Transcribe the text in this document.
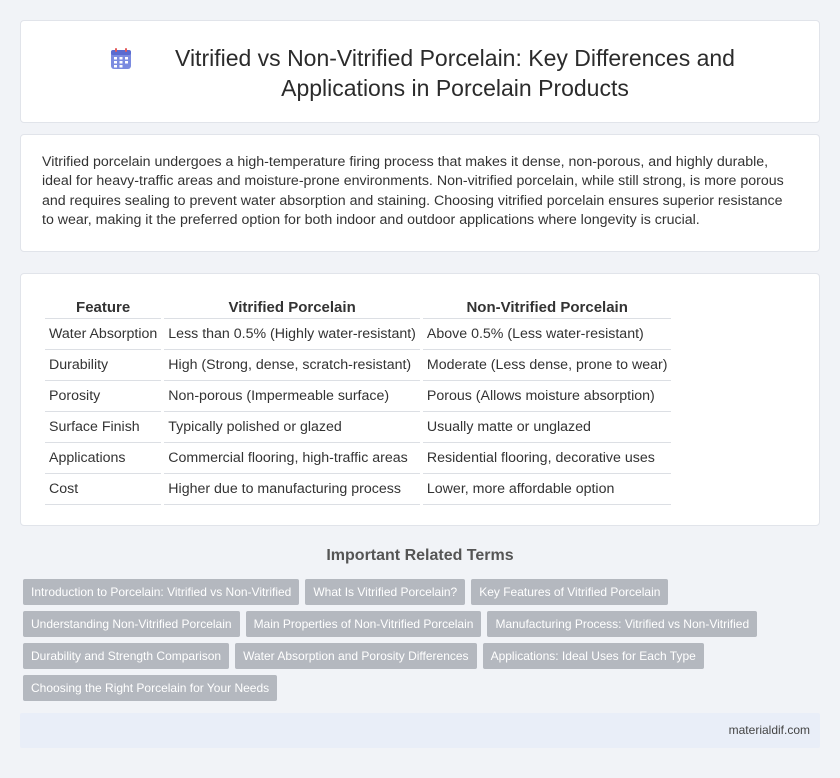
Vitrified vs Non-Vitrified Porcelain: Key Differences and Applications in Porcelain Products

Vitrified porcelain undergoes a high-temperature firing process that makes it dense, non-porous, and highly durable, ideal for heavy-traffic areas and moisture-prone environments. Non-vitrified porcelain, while still strong, is more porous and requires sealing to prevent water absorption and staining. Choosing vitrified porcelain ensures superior resistance to wear, making it the preferred option for both indoor and outdoor applications where longevity is crucial.

Feature	Vitrified Porcelain	Non-Vitrified Porcelain
Water Absorption	Less than 0.5% (Highly water-resistant)	Above 0.5% (Less water-resistant)
Durability	High (Strong, dense, scratch-resistant)	Moderate (Less dense, prone to wear)
Porosity	Non-porous (Impermeable surface)	Porous (Allows moisture absorption)
Surface Finish	Typically polished or glazed	Usually matte or unglazed
Applications	Commercial flooring, high-traffic areas	Residential flooring, decorative uses
Cost	Higher due to manufacturing process	Lower, more affordable option
Important Related Terms
Introduction to Porcelain: Vitrified vs Non-Vitrified	What Is Vitrified Porcelain?	Key Features of Vitrified Porcelain
Understanding Non-Vitrified Porcelain	Main Properties of Non-Vitrified Porcelain	Manufacturing Process: Vitrified vs Non-Vitrified
Durability and Strength Comparison	Water Absorption and Porosity Differences	Applications: Ideal Uses for Each Type
Choosing the Right Porcelain for Your Needs
materialdif.com
